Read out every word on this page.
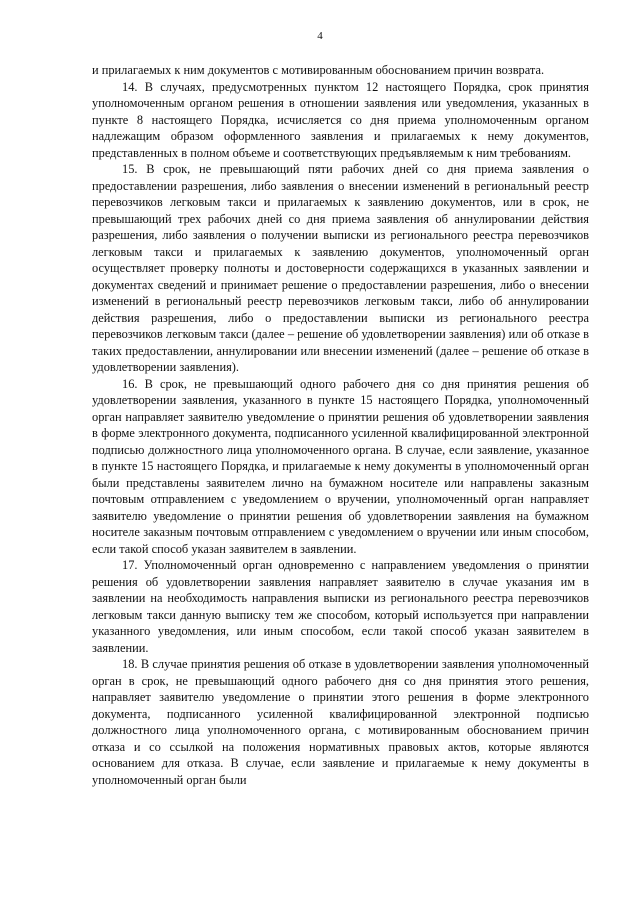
4

и прилагаемых к ним документов с мотивированным обоснованием причин возврата.

14. В случаях, предусмотренных пунктом 12 настоящего Порядка, срок принятия уполномоченным органом решения в отношении заявления или уведомления, указанных в пункте 8 настоящего Порядка, исчисляется со дня приема уполномоченным органом надлежащим образом оформленного заявления и прилагаемых к нему документов, представленных в полном объеме и соответствующих предъявляемым к ним требованиям.

15. В срок, не превышающий пяти рабочих дней со дня приема заявления о предоставлении разрешения, либо заявления о внесении изменений в региональный реестр перевозчиков легковым такси и прилагаемых к заявлению документов, или в срок, не превышающий трех рабочих дней со дня приема заявления об аннулировании действия разрешения, либо заявления о получении выписки из регионального реестра перевозчиков легковым такси и прилагаемых к заявлению документов, уполномоченный орган осуществляет проверку полноты и достоверности содержащихся в указанных заявлении и документах сведений и принимает решение о предоставлении разрешения, либо о внесении изменений в региональный реестр перевозчиков легковым такси, либо об аннулировании действия разрешения, либо о предоставлении выписки из регионального реестра перевозчиков легковым такси (далее – решение об удовлетворении заявления) или об отказе в таких предоставлении, аннулировании или внесении изменений (далее – решение об отказе в удовлетворении заявления).

16. В срок, не превышающий одного рабочего дня со дня принятия решения об удовлетворении заявления, указанного в пункте 15 настоящего Порядка, уполномоченный орган направляет заявителю уведомление о принятии решения об удовлетворении заявления в форме электронного документа, подписанного усиленной квалифицированной электронной подписью должностного лица уполномоченного органа. В случае, если заявление, указанное в пункте 15 настоящего Порядка, и прилагаемые к нему документы в уполномоченный орган были представлены заявителем лично на бумажном носителе или направлены заказным почтовым отправлением с уведомлением о вручении, уполномоченный орган направляет заявителю уведомление о принятии решения об удовлетворении заявления на бумажном носителе заказным почтовым отправлением с уведомлением о вручении или иным способом, если такой способ указан заявителем в заявлении.

17. Уполномоченный орган одновременно с направлением уведомления о принятии решения об удовлетворении заявления направляет заявителю в случае указания им в заявлении на необходимость направления выписки из регионального реестра перевозчиков легковым такси данную выписку тем же способом, который используется при направлении указанного уведомления, или иным способом, если такой способ указан заявителем в заявлении.

18. В случае принятия решения об отказе в удовлетворении заявления уполномоченный орган в срок, не превышающий одного рабочего дня со дня принятия этого решения, направляет заявителю уведомление о принятии этого решения в форме электронного документа, подписанного усиленной квалифицированной электронной подписью должностного лица уполномоченного органа, с мотивированным обоснованием причин отказа и со ссылкой на положения нормативных правовых актов, которые являются основанием для отказа. В случае, если заявление и прилагаемые к нему документы в уполномоченный орган были
